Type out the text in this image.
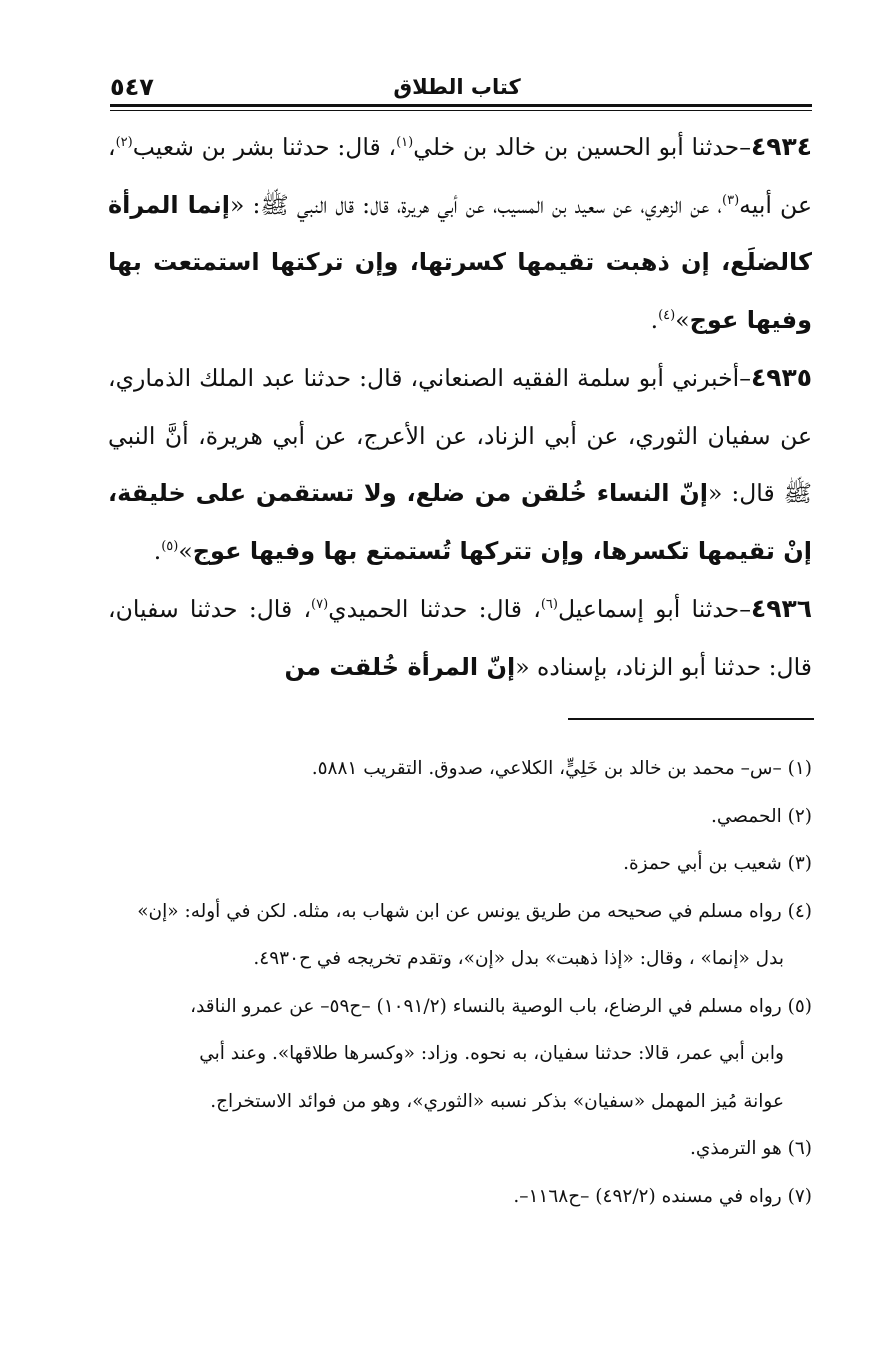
كتاب الطلاق
٥٤٧

٤٩٣٤–حدثنا أبو الحسين بن خالد بن خلي$^{(١)}$، قال: حدثنا بشر بن شعيب$^{(٢)}$، عن أبيه$^{(٣)}$، عن الزهري، عن سعيد بن المسيب، عن أبي هريرة، قال: قال النبي ﷺ: «إنما المرأة كالضلَع، إن ذهبت تقيمها كسرتها، وإن تركتها استمتعت بها وفيها عوج»$^{(٤)}$.

٤٩٣٥–أخبرني أبو سلمة الفقيه الصنعاني، قال: حدثنا عبد الملك الذماري، عن سفيان الثوري، عن أبي الزناد، عن الأعرج، عن أبي هريرة، أنَّ النبي ﷺ قال: «إنّ النساء خُلقن من ضلع، ولا تستقمن على خليقة، إنْ تقيمها تكسرها، وإن تتركها تُستمتع بها وفيها عوج»$^{(٥)}$.

٤٩٣٦–حدثنا أبو إسماعيل$^{(٦)}$، قال: حدثنا الحميدي$^{(٧)}$، قال: حدثنا سفيان، قال: حدثنا أبو الزناد، بإسناده «إنّ المرأة خُلقت من

(١) –س– محمد بن خالد بن خَلِيٍّ، الكلاعي، صدوق. التقريب ٥٨٨١.

(٢) الحمصي.

(٣) شعيب بن أبي حمزة.

(٤) رواه مسلم في صحيحه من طريق يونس عن ابن شهاب به، مثله. لكن في أوله: «إن»
بدل «إنما» ، وقال: «إذا ذهبت» بدل «إن»، وتقدم تخريجه في ح٤٩٣٠.

(٥) رواه مسلم في الرضاع، باب الوصية بالنساء (١٠٩١/٢) –ح٥٩– عن عمرو الناقد،
وابن أبي عمر، قالا: حدثنا سفيان، به نحوه. وزاد: «وكسرها طلاقها». وعند أبي
عوانة مُيز المهمل «سفيان» بذكر نسبه «الثوري»، وهو من فوائد الاستخراج.

(٦) هو الترمذي.

(٧) رواه في مسنده (٤٩٢/٢) –ح١١٦٨–.
